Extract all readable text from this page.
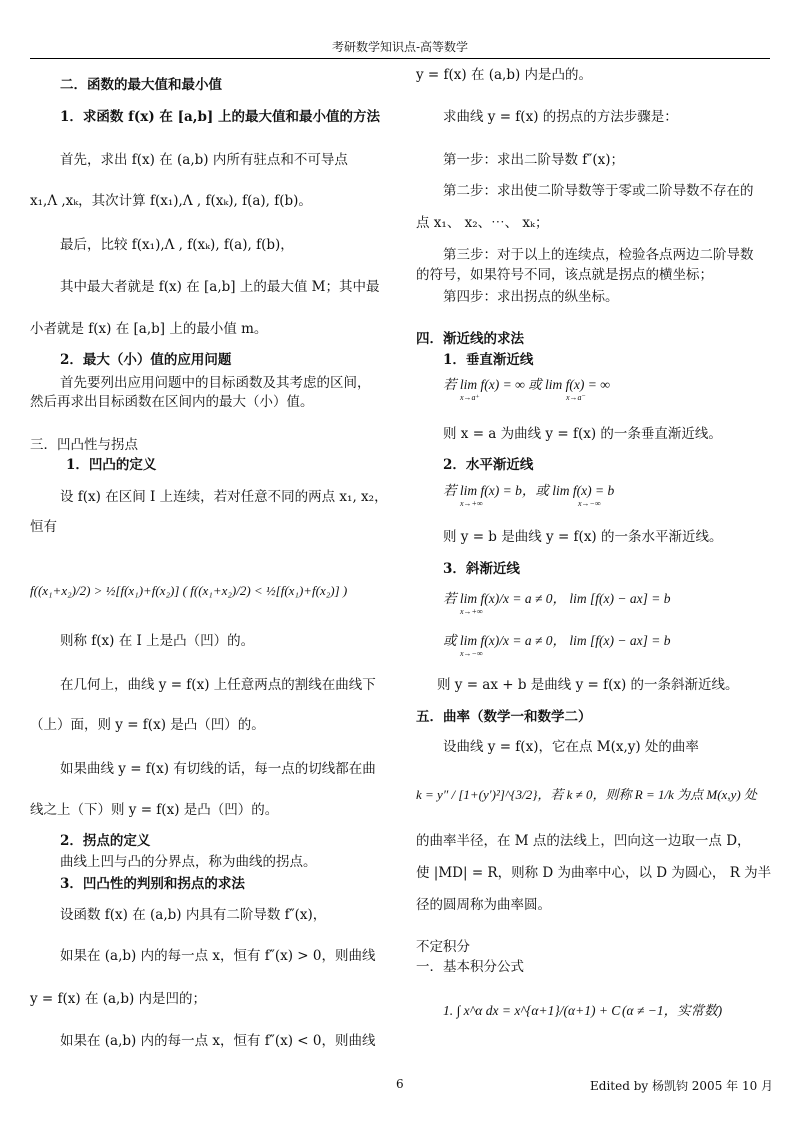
考研数学知识点-高等数学
二．函数的最大值和最小值
1．求函数 f(x) 在 [a,b] 上的最大值和最小值的方法
首先，求出 f(x) 在 (a,b) 内所有驻点和不可导点
x₁,Λ ,xₖ，其次计算 f(x₁),Λ , f(xₖ), f(a), f(b)。
最后，比较 f(x₁),Λ , f(xₖ), f(a), f(b)，
其中最大者就是 f(x) 在 [a,b] 上的最大值 M；其中最
小者就是 f(x) 在 [a,b] 上的最小值 m。
2．最大（小）值的应用问题
首先要列出应用问题中的目标函数及其考虑的区间，
然后再求出目标函数在区间内的最大（小）值。
三．凹凸性与拐点
1．凹凸的定义
设 f(x) 在区间 I 上连续，若对任意不同的两点 x₁, x₂，
恒有
f((x₁+x₂)/2) > ½[f(x₁)+f(x₂)] ( f((x₁+x₂)/2) < ½[f(x₁)+f(x₂)] )
则称 f(x) 在 I 上是凸（凹）的。
在几何上，曲线 y = f(x) 上任意两点的割线在曲线下
（上）面，则 y = f(x) 是凸（凹）的。
如果曲线 y = f(x) 有切线的话，每一点的切线都在曲
线之上（下）则 y = f(x) 是凸（凹）的。
2．拐点的定义
曲线上凹与凸的分界点，称为曲线的拐点。
3．凹凸性的判别和拐点的求法
设函数 f(x) 在 (a,b) 内具有二阶导数 f″(x)，
如果在 (a,b) 内的每一点 x，恒有 f″(x) > 0，则曲线
y = f(x) 在 (a,b) 内是凹的；
如果在 (a,b) 内的每一点 x，恒有 f″(x) < 0，则曲线
y = f(x) 在 (a,b) 内是凸的。
求曲线 y = f(x) 的拐点的方法步骤是：
第一步：求出二阶导数 f″(x)；
第二步：求出使二阶导数等于零或二阶导数不存在的
点 x₁、 x₂、⋯、 xₖ；
第三步：对于以上的连续点，检验各点两边二阶导数
的符号，如果符号不同，该点就是拐点的横坐标；
第四步：求出拐点的纵坐标。
四．渐近线的求法
1．垂直渐近线
若 lim f(x) = ∞ 或 lim f(x) = ∞
x→a⁺	x→a⁻
则 x = a 为曲线 y = f(x) 的一条垂直渐近线。
2．水平渐近线
若 lim f(x) = b，或 lim f(x) = b
x→+∞	x→−∞
则 y = b 是曲线 y = f(x) 的一条水平渐近线。
3．斜渐近线
若 lim f(x)/x = a ≠ 0， lim [f(x) − ax] = b
x→+∞
或 lim f(x)/x = a ≠ 0， lim [f(x) − ax] = b
x→−∞
则 y = ax + b 是曲线 y = f(x) 的一条斜渐近线。
五．曲率（数学一和数学二）
设曲线 y = f(x)，它在点 M(x,y) 处的曲率
k = y″ / [1+(y′)²]^{3/2}，若 k ≠ 0，则称 R = 1/k 为点 M(x,y) 处
的曲率半径，在 M 点的法线上，凹向这一边取一点 D，
使 |MD| = R，则称 D 为曲率中心，以 D 为圆心， R 为半
径的圆周称为曲率圆。
不定积分
一．基本积分公式
1. ∫ x^α dx = x^{α+1}/(α+1) + C (α ≠ −1，实常数)
6	Edited by 杨凯钧 2005 年 10 月
